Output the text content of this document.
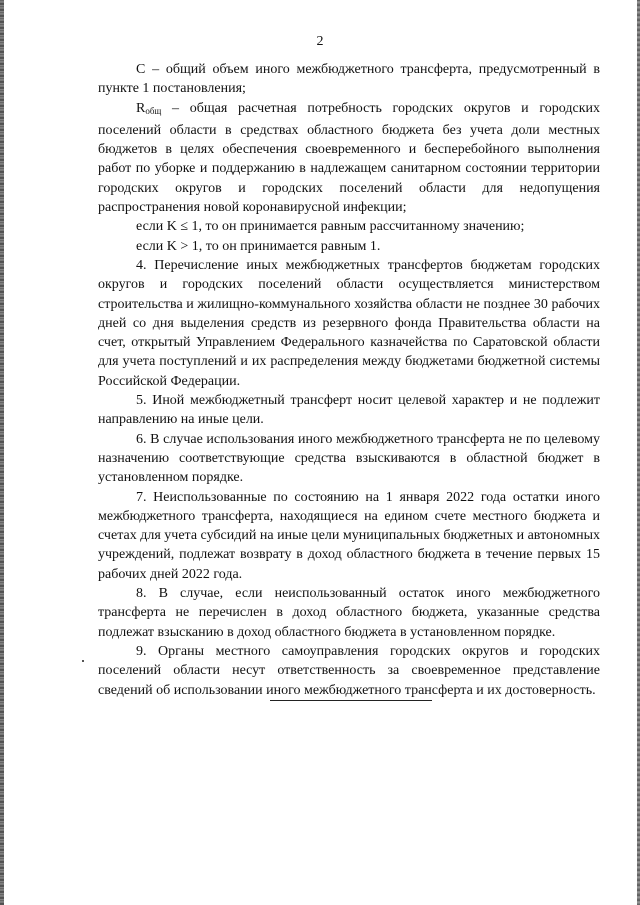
2

С – общий объем иного межбюджетного трансферта, предусмотренный в пункте 1 постановления;

$R_{общ}$ – общая расчетная потребность городских округов и городских поселений области в средствах областного бюджета без учета доли местных бюджетов в целях обеспечения своевременного и бесперебойного выполнения работ по уборке и поддержанию в надлежащем санитарном состоянии территории городских округов и городских поселений области для недопущения распространения новой коронавирусной инфекции;

если K ≤ 1, то он принимается равным рассчитанному значению;

если K > 1, то он принимается равным 1.

4. Перечисление иных межбюджетных трансфертов бюджетам городских округов и городских поселений области осуществляется министерством строительства и жилищно-коммунального хозяйства области не позднее 30 рабочих дней со дня выделения средств из резервного фонда Правительства области на счет, открытый Управлением Федерального казначейства по Саратовской области для учета поступлений и их распределения между бюджетами бюджетной системы Российской Федерации.

5. Иной межбюджетный трансферт носит целевой характер и не подлежит направлению на иные цели.

6. В случае использования иного межбюджетного трансферта не по целевому назначению соответствующие средства взыскиваются в областной бюджет в установленном порядке.

7. Неиспользованные по состоянию на 1 января 2022 года остатки иного межбюджетного трансферта, находящиеся на едином счете местного бюджета и счетах для учета субсидий на иные цели муниципальных бюджетных и автономных учреждений, подлежат возврату в доход областного бюджета в течение первых 15 рабочих дней 2022 года.

8. В случае, если неиспользованный остаток иного межбюджетного трансферта не перечислен в доход областного бюджета, указанные средства подлежат взысканию в доход областного бюджета в установленном порядке.

9. Органы местного самоуправления городских округов и городских поселений области несут ответственность за своевременное представление сведений об использовании иного межбюджетного трансферта и их достоверность.
